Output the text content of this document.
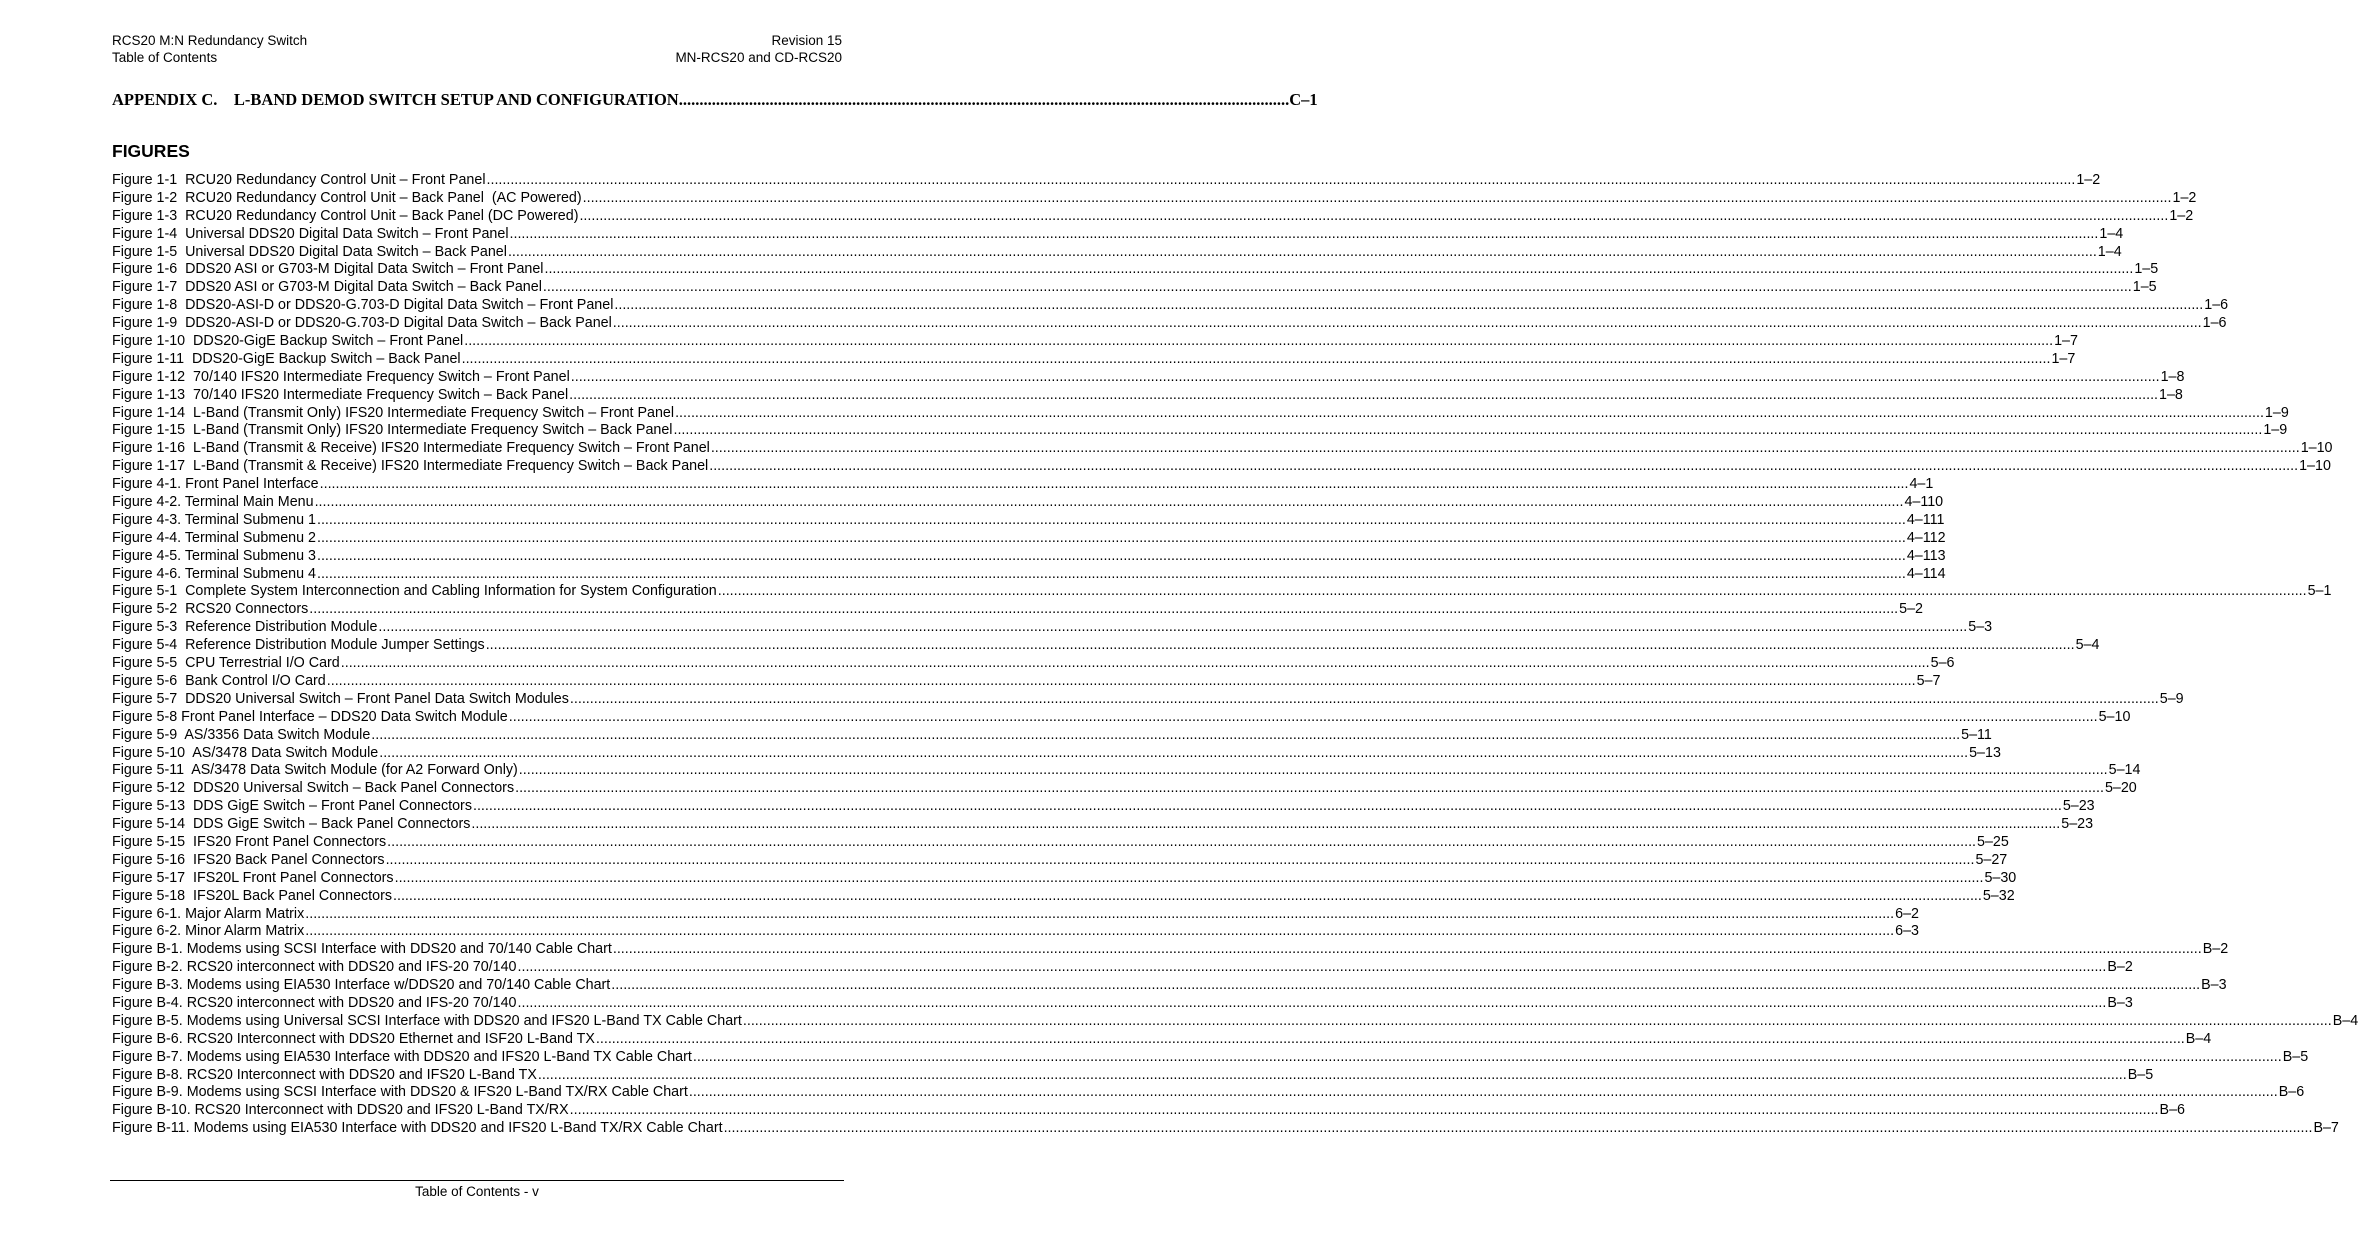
RCS20 M:N Redundancy Switch
Table of Contents
Revision 15
MN-RCS20 and CD-RCS20
APPENDIX C.    L-BAND DEMOD SWITCH SETUP AND CONFIGURATION .................................................................................................................................................... C–1
FIGURES
Figure 1-1  RCU20 Redundancy Control Unit – Front Panel ................................................................................................................................................................................................................................................................................................................................................................................................................ 1–2
Figure 1-2  RCU20 Redundancy Control Unit – Back Panel  (AC Powered) ................................................................................................................................................................................................................................................................................................................................................................................................................ 1–2
Figure 1-3  RCU20 Redundancy Control Unit – Back Panel (DC Powered) ................................................................................................................................................................................................................................................................................................................................................................................................................ 1–2
Figure 1-4  Universal DDS20 Digital Data Switch – Front Panel ................................................................................................................................................................................................................................................................................................................................................................................................................ 1–4
Figure 1-5  Universal DDS20 Digital Data Switch – Back Panel ................................................................................................................................................................................................................................................................................................................................................................................................................ 1–4
Figure 1-6  DDS20 ASI or G703-M Digital Data Switch – Front Panel ................................................................................................................................................................................................................................................................................................................................................................................................................ 1–5
Figure 1-7  DDS20 ASI or G703-M Digital Data Switch – Back Panel ................................................................................................................................................................................................................................................................................................................................................................................................................ 1–5
Figure 1-8  DDS20-ASI-D or DDS20-G.703-D Digital Data Switch – Front Panel ................................................................................................................................................................................................................................................................................................................................................................................................................ 1–6
Figure 1-9  DDS20-ASI-D or DDS20-G.703-D Digital Data Switch – Back Panel ................................................................................................................................................................................................................................................................................................................................................................................................................ 1–6
Figure 1-10  DDS20-GigE Backup Switch – Front Panel ................................................................................................................................................................................................................................................................................................................................................................................................................ 1–7
Figure 1-11  DDS20-GigE Backup Switch – Back Panel ................................................................................................................................................................................................................................................................................................................................................................................................................ 1–7
Figure 1-12  70/140 IFS20 Intermediate Frequency Switch – Front Panel ................................................................................................................................................................................................................................................................................................................................................................................................................ 1–8
Figure 1-13  70/140 IFS20 Intermediate Frequency Switch – Back Panel ................................................................................................................................................................................................................................................................................................................................................................................................................ 1–8
Figure 1-14  L-Band (Transmit Only) IFS20 Intermediate Frequency Switch – Front Panel ................................................................................................................................................................................................................................................................................................................................................................................................................ 1–9
Figure 1-15  L-Band (Transmit Only) IFS20 Intermediate Frequency Switch – Back Panel ................................................................................................................................................................................................................................................................................................................................................................................................................ 1–9
Figure 1-16  L-Band (Transmit & Receive) IFS20 Intermediate Frequency Switch – Front Panel ................................................................................................................................................................................................................................................................................................................................................................................................................ 1–10
Figure 1-17  L-Band (Transmit & Receive) IFS20 Intermediate Frequency Switch – Back Panel ................................................................................................................................................................................................................................................................................................................................................................................................................ 1–10
Figure 4-1. Front Panel Interface ................................................................................................................................................................................................................................................................................................................................................................................................................ 4–1
Figure 4-2. Terminal Main Menu ................................................................................................................................................................................................................................................................................................................................................................................................................ 4–110
Figure 4-3. Terminal Submenu 1 ................................................................................................................................................................................................................................................................................................................................................................................................................ 4–111
Figure 4-4. Terminal Submenu 2 ................................................................................................................................................................................................................................................................................................................................................................................................................ 4–112
Figure 4-5. Terminal Submenu 3 ................................................................................................................................................................................................................................................................................................................................................................................................................ 4–113
Figure 4-6. Terminal Submenu 4 ................................................................................................................................................................................................................................................................................................................................................................................................................ 4–114
Figure 5-1  Complete System Interconnection and Cabling Information for System Configuration ................................................................................................................................................................................................................................................................................................................................................................................................................ 5–1
Figure 5-2  RCS20 Connectors ................................................................................................................................................................................................................................................................................................................................................................................................................ 5–2
Figure 5-3  Reference Distribution Module ................................................................................................................................................................................................................................................................................................................................................................................................................ 5–3
Figure 5-4  Reference Distribution Module Jumper Settings ................................................................................................................................................................................................................................................................................................................................................................................................................ 5–4
Figure 5-5  CPU Terrestrial I/O Card ................................................................................................................................................................................................................................................................................................................................................................................................................ 5–6
Figure 5-6  Bank Control I/O Card ................................................................................................................................................................................................................................................................................................................................................................................................................ 5–7
Figure 5-7  DDS20 Universal Switch – Front Panel Data Switch Modules ................................................................................................................................................................................................................................................................................................................................................................................................................ 5–9
Figure 5-8 Front Panel Interface – DDS20 Data Switch Module ................................................................................................................................................................................................................................................................................................................................................................................................................ 5–10
Figure 5-9  AS/3356 Data Switch Module ................................................................................................................................................................................................................................................................................................................................................................................................................ 5–11
Figure 5-10  AS/3478 Data Switch Module ................................................................................................................................................................................................................................................................................................................................................................................................................ 5–13
Figure 5-11  AS/3478 Data Switch Module (for A2 Forward Only) ................................................................................................................................................................................................................................................................................................................................................................................................................ 5–14
Figure 5-12  DDS20 Universal Switch – Back Panel Connectors ................................................................................................................................................................................................................................................................................................................................................................................................................ 5–20
Figure 5-13  DDS GigE Switch – Front Panel Connectors ................................................................................................................................................................................................................................................................................................................................................................................................................ 5–23
Figure 5-14  DDS GigE Switch – Back Panel Connectors ................................................................................................................................................................................................................................................................................................................................................................................................................ 5–23
Figure 5-15  IFS20 Front Panel Connectors ................................................................................................................................................................................................................................................................................................................................................................................................................ 5–25
Figure 5-16  IFS20 Back Panel Connectors ................................................................................................................................................................................................................................................................................................................................................................................................................ 5–27
Figure 5-17  IFS20L Front Panel Connectors ................................................................................................................................................................................................................................................................................................................................................................................................................ 5–30
Figure 5-18  IFS20L Back Panel Connectors ................................................................................................................................................................................................................................................................................................................................................................................................................ 5–32
Figure 6-1. Major Alarm Matrix ................................................................................................................................................................................................................................................................................................................................................................................................................ 6–2
Figure 6-2. Minor Alarm Matrix ................................................................................................................................................................................................................................................................................................................................................................................................................ 6–3
Figure B-1. Modems using SCSI Interface with DDS20 and 70/140 Cable Chart ................................................................................................................................................................................................................................................................................................................................................................................................................ B–2
Figure B-2. RCS20 interconnect with DDS20 and IFS-20 70/140 ................................................................................................................................................................................................................................................................................................................................................................................................................ B–2
Figure B-3. Modems using EIA530 Interface w/DDS20 and 70/140 Cable Chart ................................................................................................................................................................................................................................................................................................................................................................................................................ B–3
Figure B-4. RCS20 interconnect with DDS20 and IFS-20 70/140 ................................................................................................................................................................................................................................................................................................................................................................................................................ B–3
Figure B-5. Modems using Universal SCSI Interface with DDS20 and IFS20 L-Band TX Cable Chart ................................................................................................................................................................................................................................................................................................................................................................................................................ B–4
Figure B-6. RCS20 Interconnect with DDS20 Ethernet and ISF20 L-Band TX ................................................................................................................................................................................................................................................................................................................................................................................................................ B–4
Figure B-7. Modems using EIA530 Interface with DDS20 and IFS20 L-Band TX Cable Chart ................................................................................................................................................................................................................................................................................................................................................................................................................ B–5
Figure B-8. RCS20 Interconnect with DDS20 and IFS20 L-Band TX ................................................................................................................................................................................................................................................................................................................................................................................................................ B–5
Figure B-9. Modems using SCSI Interface with DDS20 & IFS20 L-Band TX/RX Cable Chart ................................................................................................................................................................................................................................................................................................................................................................................................................ B–6
Figure B-10. RCS20 Interconnect with DDS20 and IFS20 L-Band TX/RX ................................................................................................................................................................................................................................................................................................................................................................................................................ B–6
Figure B-11. Modems using EIA530 Interface with DDS20 and IFS20 L-Band TX/RX Cable Chart ................................................................................................................................................................................................................................................................................................................................................................................................................ B–7
Table of Contents - v
